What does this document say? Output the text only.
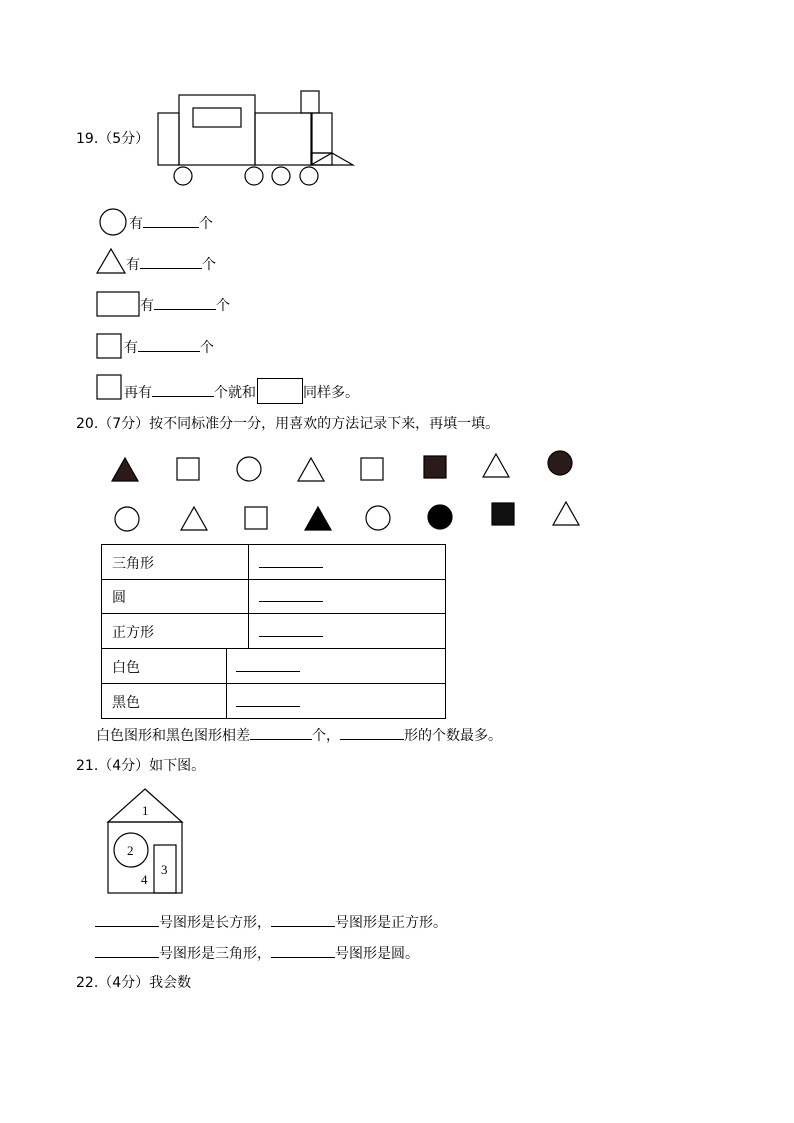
19.（5分）
有	个
有	个
有	个
有	个
再有	个就和	同样多。
20.（7分）按不同标准分一分，用喜欢的方法记录下来，再填一填。
三角形
圆
正方形
白色
黑色
白色图形和黑色图形相差	个，	形的个数最多。
21.（4分）如下图。
1
2
3
4
号图形是长方形，	号图形是正方形。
号图形是三角形，	号图形是圆。
22.（4分）我会数
